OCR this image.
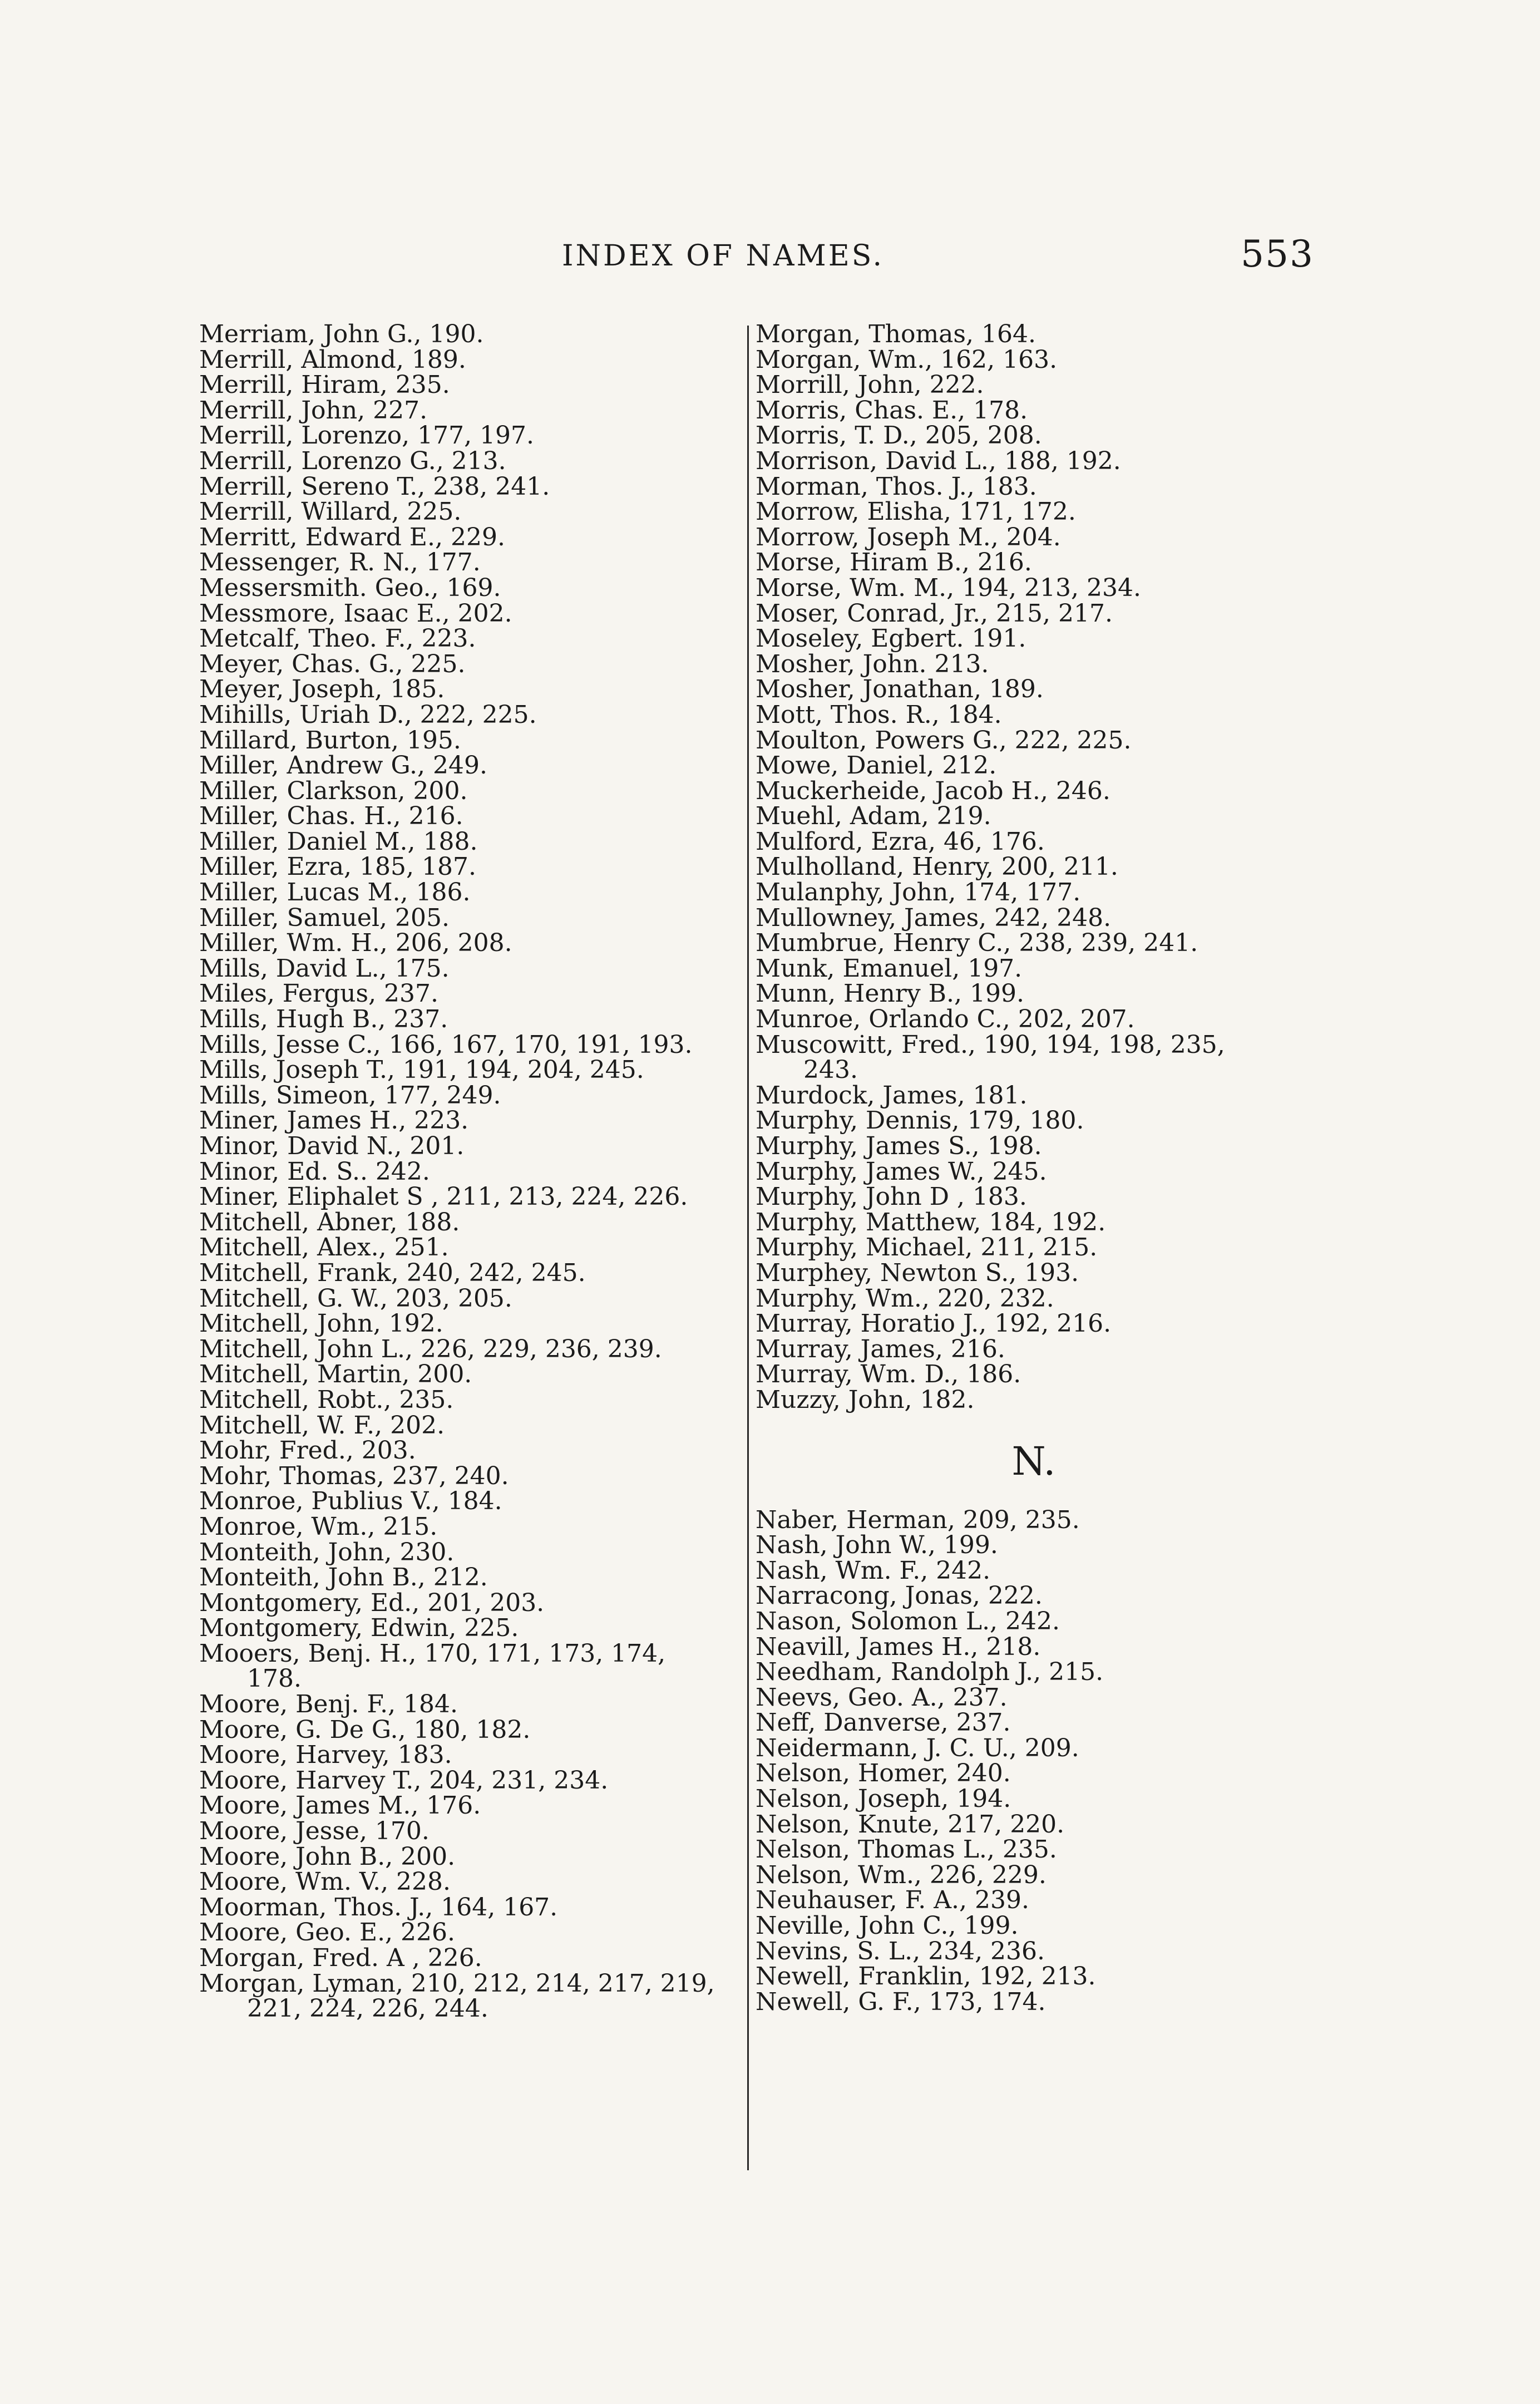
INDEX OF NAMES.	553
Merriam, John G., 190.
Merrill, Almond, 189.
Merrill, Hiram, 235.
Merrill, John, 227.
Merrill, Lorenzo, 177, 197.
Merrill, Lorenzo G., 213.
Merrill, Sereno T., 238, 241.
Merrill, Willard, 225.
Merritt, Edward E., 229.
Messenger, R. N., 177.
Messersmith. Geo., 169.
Messmore, Isaac E., 202.
Metcalf, Theo. F., 223.
Meyer, Chas. G., 225.
Meyer, Joseph, 185.
Mihills, Uriah D., 222, 225.
Millard, Burton, 195.
Miller, Andrew G., 249.
Miller, Clarkson, 200.
Miller, Chas. H., 216.
Miller, Daniel M., 188.
Miller, Ezra, 185, 187.
Miller, Lucas M., 186.
Miller, Samuel, 205.
Miller, Wm. H., 206, 208.
Mills, David L., 175.
Miles, Fergus, 237.
Mills, Hugh B., 237.
Mills, Jesse C., 166, 167, 170, 191, 193.
Mills, Joseph T., 191, 194, 204, 245.
Mills, Simeon, 177, 249.
Miner, James H., 223.
Minor, David N., 201.
Minor, Ed. S.. 242.
Miner, Eliphalet S , 211, 213, 224, 226.
Mitchell, Abner, 188.
Mitchell, Alex., 251.
Mitchell, Frank, 240, 242, 245.
Mitchell, G. W., 203, 205.
Mitchell, John, 192.
Mitchell, John L., 226, 229, 236, 239.
Mitchell, Martin, 200.
Mitchell, Robt., 235.
Mitchell, W. F., 202.
Mohr, Fred., 203.
Mohr, Thomas, 237, 240.
Monroe, Publius V., 184.
Monroe, Wm., 215.
Monteith, John, 230.
Monteith, John B., 212.
Montgomery, Ed., 201, 203.
Montgomery, Edwin, 225.
Mooers, Benj. H., 170, 171, 173, 174,
178.
Moore, Benj. F., 184.
Moore, G. De G., 180, 182.
Moore, Harvey, 183.
Moore, Harvey T., 204, 231, 234.
Moore, James M., 176.
Moore, Jesse, 170.
Moore, John B., 200.
Moore, Wm. V., 228.
Moorman, Thos. J., 164, 167.
Moore, Geo. E., 226.
Morgan, Fred. A , 226.
Morgan, Lyman, 210, 212, 214, 217, 219,
221, 224, 226, 244.
Morgan, Thomas, 164.
Morgan, Wm., 162, 163.
Morrill, John, 222.
Morris, Chas. E., 178.
Morris, T. D., 205, 208.
Morrison, David L., 188, 192.
Morman, Thos. J., 183.
Morrow, Elisha, 171, 172.
Morrow, Joseph M., 204.
Morse, Hiram B., 216.
Morse, Wm. M., 194, 213, 234.
Moser, Conrad, Jr., 215, 217.
Moseley, Egbert. 191.
Mosher, John. 213.
Mosher, Jonathan, 189.
Mott, Thos. R., 184.
Moulton, Powers G., 222, 225.
Mowe, Daniel, 212.
Muckerheide, Jacob H., 246.
Muehl, Adam, 219.
Mulford, Ezra, 46, 176.
Mulholland, Henry, 200, 211.
Mulanphy, John, 174, 177.
Mullowney, James, 242, 248.
Mumbrue, Henry C., 238, 239, 241.
Munk, Emanuel, 197.
Munn, Henry B., 199.
Munroe, Orlando C., 202, 207.
Muscowitt, Fred., 190, 194, 198, 235,
243.
Murdock, James, 181.
Murphy, Dennis, 179, 180.
Murphy, James S., 198.
Murphy, James W., 245.
Murphy, John D , 183.
Murphy, Matthew, 184, 192.
Murphy, Michael, 211, 215.
Murphey, Newton S., 193.
Murphy, Wm., 220, 232.
Murray, Horatio J., 192, 216.
Murray, James, 216.
Murray, Wm. D., 186.
Muzzy, John, 182.
N.
Naber, Herman, 209, 235.
Nash, John W., 199.
Nash, Wm. F., 242.
Narracong, Jonas, 222.
Nason, Solomon L., 242.
Neavill, James H., 218.
Needham, Randolph J., 215.
Neevs, Geo. A., 237.
Neff, Danverse, 237.
Neidermann, J. C. U., 209.
Nelson, Homer, 240.
Nelson, Joseph, 194.
Nelson, Knute, 217, 220.
Nelson, Thomas L., 235.
Nelson, Wm., 226, 229.
Neuhauser, F. A., 239.
Neville, John C., 199.
Nevins, S. L., 234, 236.
Newell, Franklin, 192, 213.
Newell, G. F., 173, 174.
